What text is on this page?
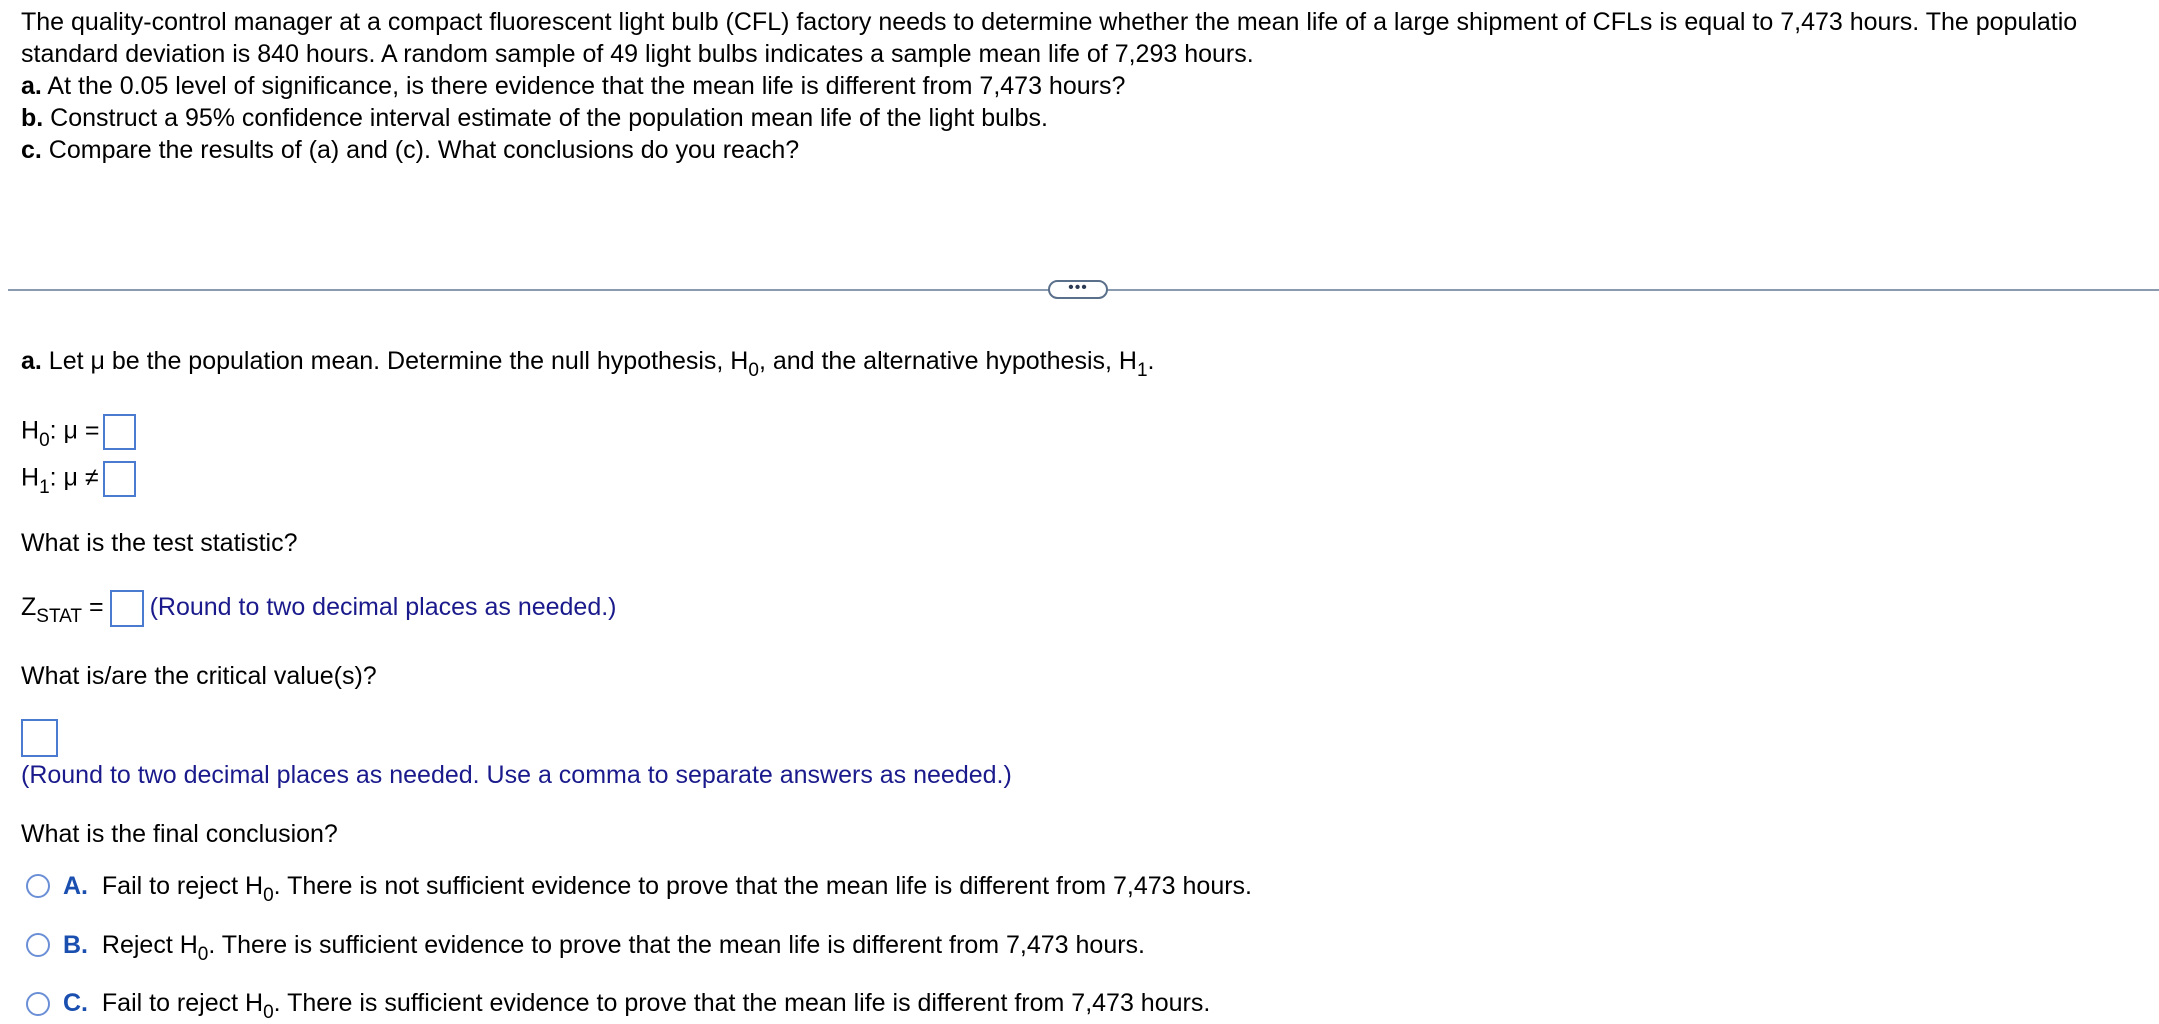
The quality-control manager at a compact fluorescent light bulb (CFL) factory needs to determine whether the mean life of a large shipment of CFLs is equal to 7,473 hours. The populatio
standard deviation is 840 hours. A random sample of 49 light bulbs indicates a sample mean life of 7,293 hours.
a. At the 0.05 level of significance, is there evidence that the mean life is different from 7,473 hours?
b. Construct a 95% confidence interval estimate of the population mean life of the light bulbs.
c. Compare the results of (a) and (c). What conclusions do you reach?
•••
a. Let μ be the population mean. Determine the null hypothesis, $H_0$, and the alternative hypothesis, $H_1$.
$H_0$: μ =
$H_1$: μ ≠
What is the test statistic?
$Z_{STAT}$ = (Round to two decimal places as needed.)
What is/are the critical value(s)?
(Round to two decimal places as needed. Use a comma to separate answers as needed.)
What is the final conclusion?
A. Fail to reject $H_0$. There is not sufficient evidence to prove that the mean life is different from 7,473 hours.
B. Reject $H_0$. There is sufficient evidence to prove that the mean life is different from 7,473 hours.
C. Fail to reject $H_0$. There is sufficient evidence to prove that the mean life is different from 7,473 hours.
